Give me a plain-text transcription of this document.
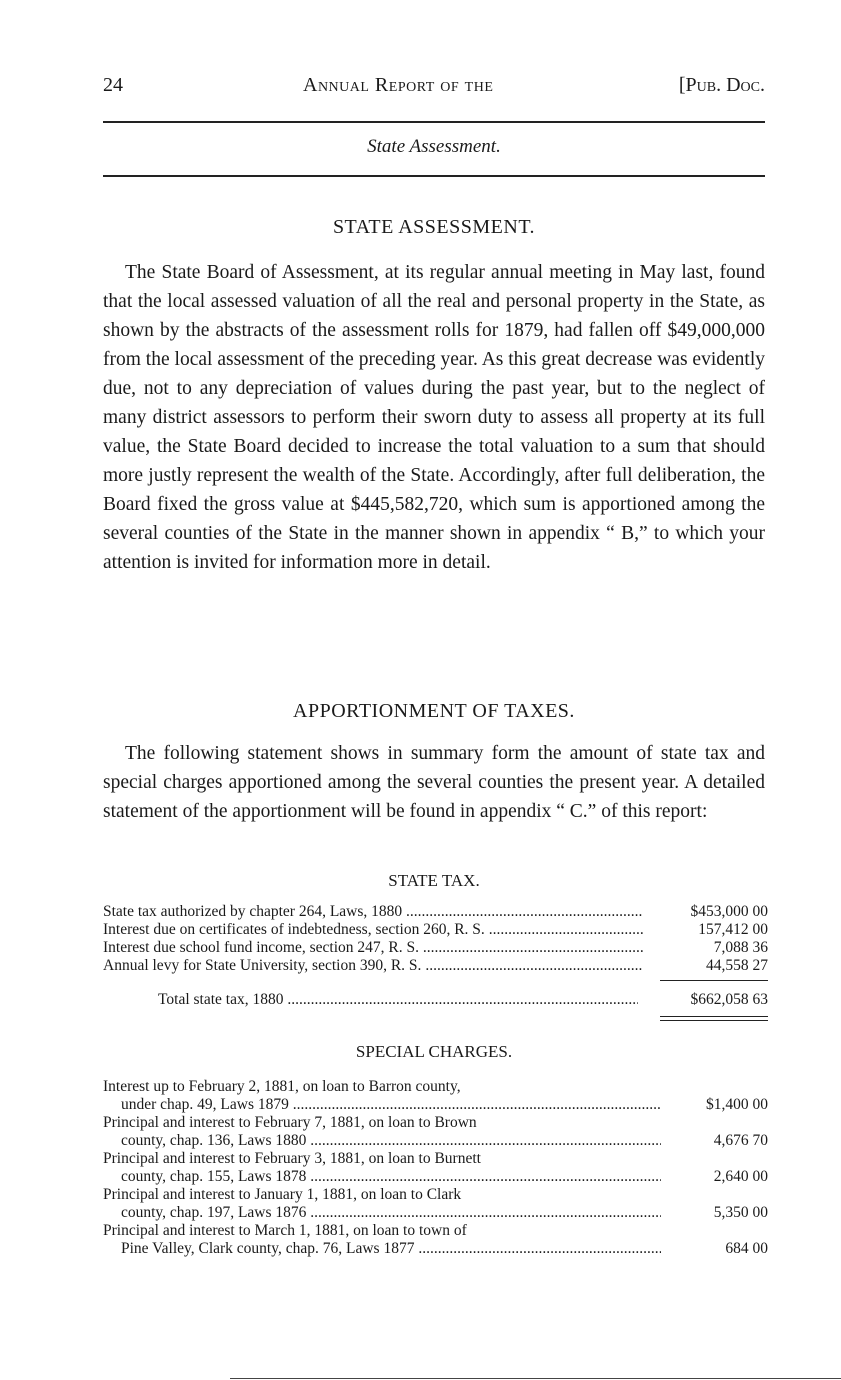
24	Annual Report of the	[Pub. Doc.
State Assessment.
STATE ASSESSMENT.

The State Board of Assessment, at its regular annual meeting in May last, found that the local assessed valuation of all the real and personal property in the State, as shown by the abstracts of the assessment rolls for 1879, had fallen off $49,000,000 from the local assessment of the preceding year. As this great decrease was evidently due, not to any depreciation of values during the past year, but to the neglect of many district assessors to perform their sworn duty to assess all property at its full value, the State Board decided to increase the total valuation to a sum that should more justly represent the wealth of the State. Accordingly, after full deliberation, the Board fixed the gross value at $445,582,720, which sum is apportioned among the several counties of the State in the manner shown in appendix “ B,” to which your attention is invited for information more in detail.

APPORTIONMENT OF TAXES.

The following statement shows in summary form the amount of state tax and special charges apportioned among the several counties the present year. A detailed statement of the apportionment will be found in appendix “ C.” of this report:

STATE TAX.
State tax authorized by chapter 264, Laws, 1880 .....	$453,000 00
Interest due on certificates of indebtedness, section 260, R. S. .....	157,412 00
Interest due school fund income, section 247, R. S. .....	7,088 36
Annual levy for State University, section 390, R. S. .....	44,558 27
Total state tax, 1880 .....	$662,058 63
SPECIAL CHARGES.
Interest up to February 2, 1881, on loan to Barron county,
under chap. 49, Laws 1879 .....	$1,400 00
Principal and interest to February 7, 1881, on loan to Brown
county, chap. 136, Laws 1880 .....	4,676 70
Principal and interest to February 3, 1881, on loan to Burnett
county, chap. 155, Laws 1878 .....	2,640 00
Principal and interest to January 1, 1881, on loan to Clark
county, chap. 197, Laws 1876 .....	5,350 00
Principal and interest to March 1, 1881, on loan to town of
Pine Valley, Clark county, chap. 76, Laws 1877 .....	684 00
